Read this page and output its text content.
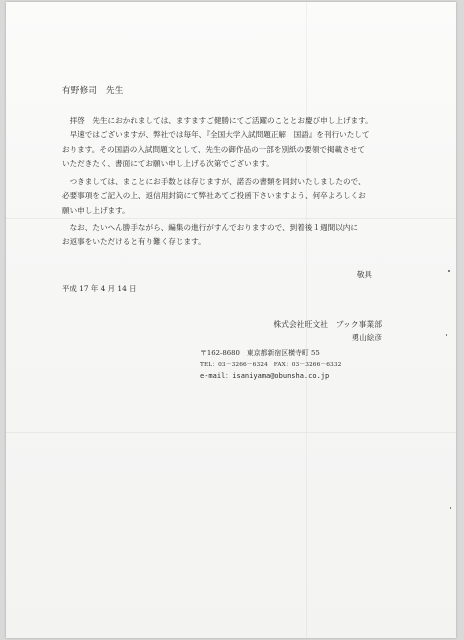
有野修司　先生
　拝啓　先生におかれましては、ますますご健勝にてご活躍のこととお慶び申し上げます。
　早速ではございますが、弊社では毎年、『全国大学入試問題正解　国語』を刊行いたして
おります。その国語の入試問題文として、先生の御作品の一部を別紙の要領で掲載させて
いただきたく、書面にてお願い申し上げる次第でございます。
　つきましては、まことにお手数とは存じますが、諾否の書類を同封いたしましたので、
必要事項をご記入の上、返信用封筒にて弊社あてご投函下さいますよう、何卒よろしくお
願い申し上げます。
　なお、たいへん勝手ながら、編集の進行がすんでおりますので、到着後１週間以内に
お返事をいただけると有り難く存じます。
敬具
平成 17 年 4 月 14 日
株式会社旺文社　ブック事業部
勇山絵彦
〒162-8680　東京都新宿区横寺町 55
TEL：03－3266－6324　FAX：03－3266－6332
e-mail：isaniyama@obunsha.co.jp
